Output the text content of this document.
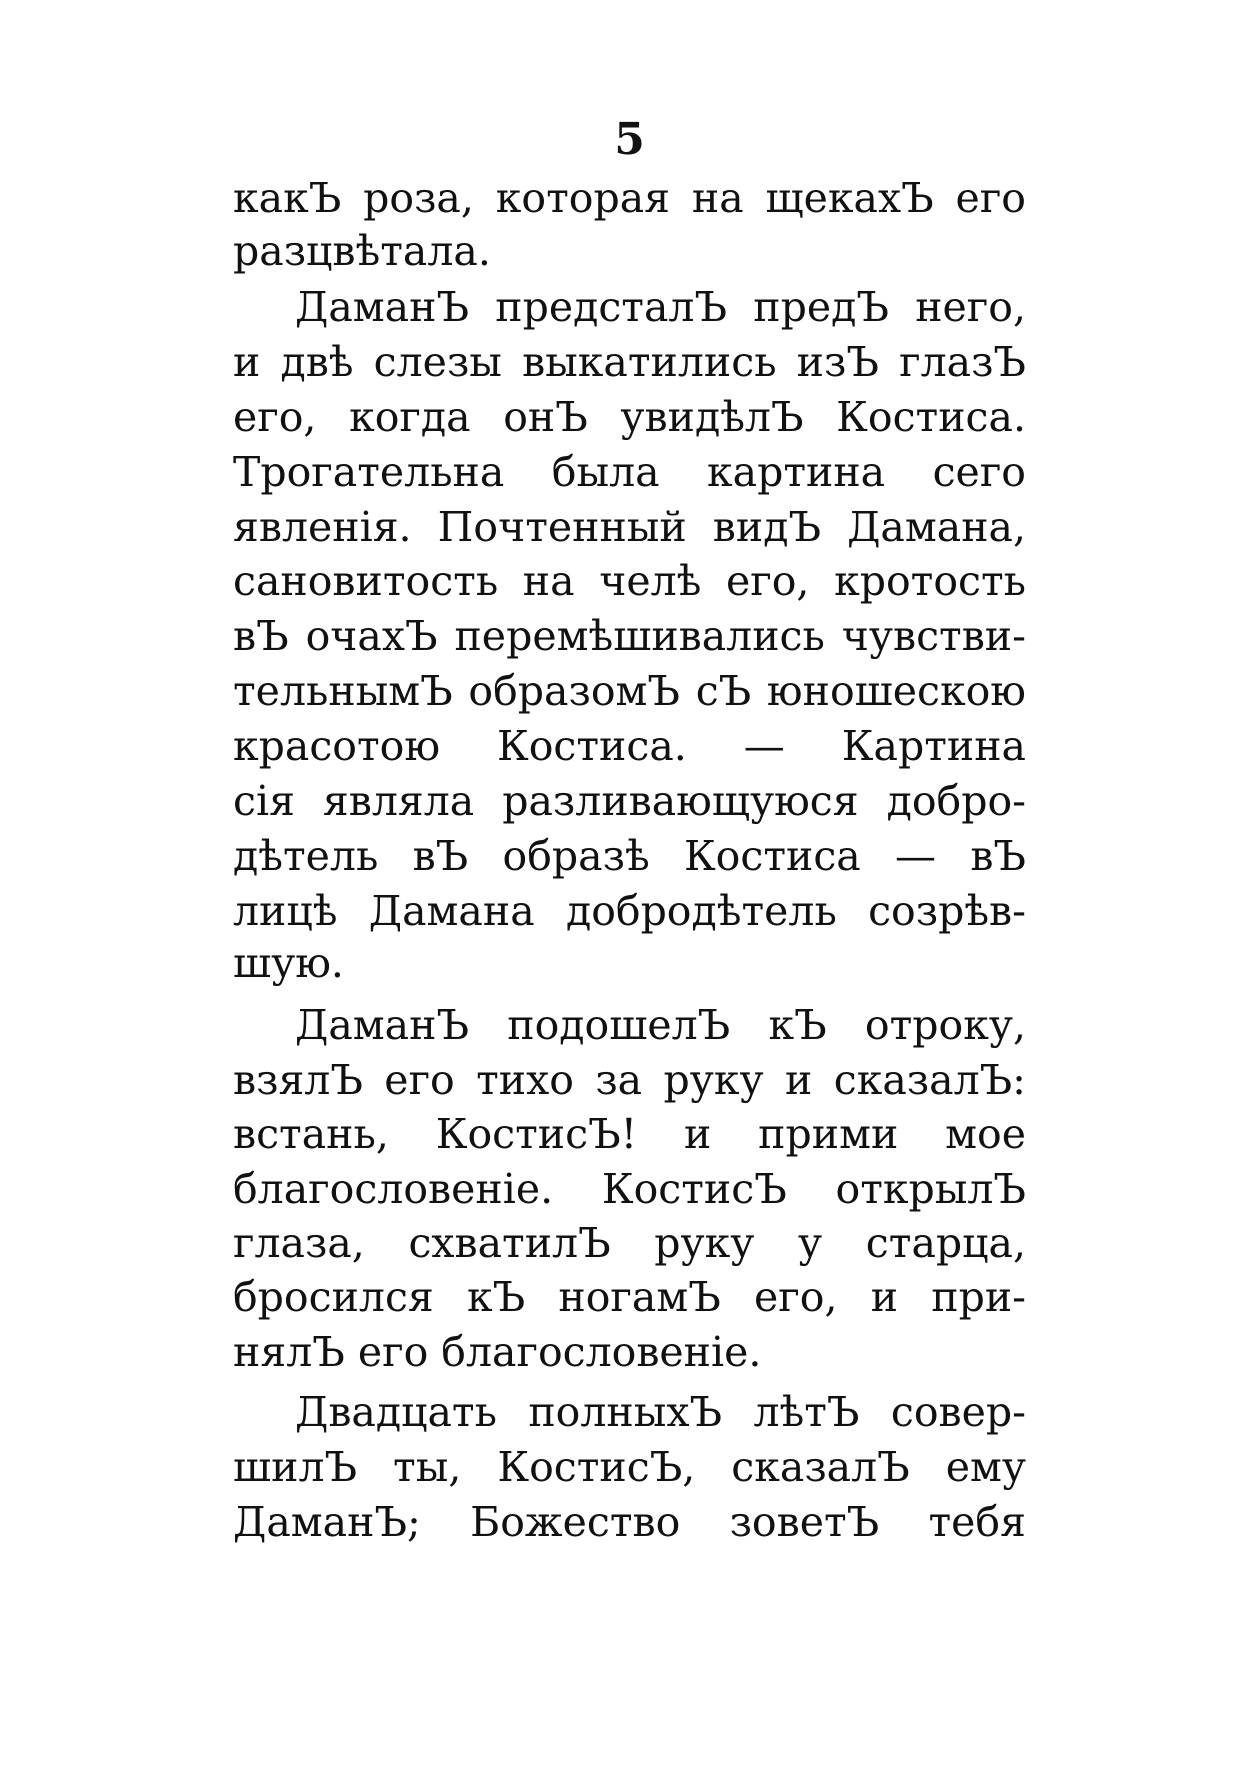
5
какЪ роза, которая на щекахЪ его
разцвѣтала.
ДаманЪ предсталЪ предЪ него,
и двѣ слезы выкатились изЪ глазЪ
его, когда онЪ увидѣлЪ Костиса.
Трогательна была картина сего
явленія. Почтенный видЪ Дамана,
сановитость на челѣ его, кротость
вЪ очахЪ перемѣшивались чувстви-
тельнымЪ образомЪ сЪ юношескою
красотою Костиса. — Картина
сія являла разливающуюся добро-
дѣтель вЪ образѣ Костиса — вЪ
лицѣ Дамана добродѣтель созрѣв-
шую.
ДаманЪ подошелЪ кЪ отроку,
взялЪ его тихо за руку и сказалЪ:
встань, КостисЪ! и прими мое
благословеніе. КостисЪ открылЪ
глаза, схватилЪ руку у старца,
бросился кЪ ногамЪ его, и при-
нялЪ его благословеніе.
Двадцать полныхЪ лѣтЪ совер-
шилЪ ты, КостисЪ, сказалЪ ему
ДаманЪ; Божество зоветЪ тебя
